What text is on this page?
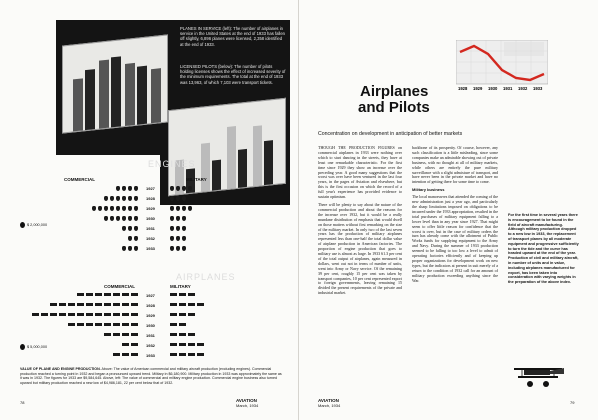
PLANES IN SERVICE (left): The number of airplanes in service in the United States at the end of 1933 has fallen off slightly, 6,896 planes were licensed, 2,358 identified at the end of 1933.
LICENSED PILOTS (below): The number of pilots holding licenses shows the effect of increased severity of the minimum requirements. The total at the end of 1933 was 13,963, of which 7,103 were transport tickets.
ENGINES
COMMERCIAL	MILITARY
1927
1928
1929
1930
1931
1932
1933
$ 2,000,000
AIRPLANES
COMMERCIAL	MILITARY
1927
1928
1929
1930
1931
1932
1933
$ 5,000,000
VALUE OF PLANE AND ENGINE PRODUCTION. Above: The value of American commercial and military aircraft production (excluding engines). Commercial production reached a turning point in 1932 and began a pronounced upward trend. Military in $6,180,900. Military production in 1933 was approximately the same as it was in 1932. The figures for 1933 are $9,584,645. Above, left: The value of commercial and military engine production. Commercial engine business also turned upward but military production reached a new low of $4,986,181, 22 per cent below that of 1932.
78	AVIATION
March, 1934
1928 1929 1930 1931 1932 1933
Airplanes
and Pilots
Concentration on development in anticipation of better markets

THOUGH THE PRODUCTION FIGURES on commercial airplanes in 1933 were nothing over which to start dancing in the streets, they have at least one remarkable characteristic. For the first time since 1929 they show an increase over the preceding year. A good many suggestions that the worst was over have been ventured in the last four years, in the pages of Aviation and elsewhere, but this is the first occasion on which the record of a full year's experience has provided evidence to sustain optimism.

There will be plenty to say about the nature of the commercial production and about the reasons for the increase over 1932, but it would be a really mundane distribution of emphasis that would dwell on those matters without first remarking on the size of the military market. In only two of the last seven years has the production of military airplanes represented less than one-half the total dollar value of airplane production in American factories. The proportion of engine production that goes to military use is almost as large. In 1933 61.3 per cent of the total output of airplanes, again measured in dollars, went out not in terms of number of units, went into Army or Navy service. Of the remaining 39 per cent, roughly 15 per cent was taken by transport companies, 10 per cent represented export to foreign governments, leaving remaining 15 divided the present requirements of the private and industrial market.

backbone of its prosperity. Of course, however, any such classification is a little misleading, since some companies make an admirable showing out of private business, with no thought at all of military markets, while others are entirely the pure military surveillance with a slight admixture of transport, and have never been in the private market and have no intention of getting there for some time to come.

Military business

The local manoeuvres that attended the coming of the new administration just a year ago, and particularly the sharp limitations imposed on obligations to be incurred under the 1933 appropriation, resulted in the total purchases of military equipment falling to a lower level than in any year since 1927. That might seem to offer little reason for confidence that the worst is over, but in the case of military orders the turn has already come with the allotment of Public Works funds for supplying equipment to the Army and Navy. During the summer of 1933 production seemed to be falling to too low a level to admit of operating factories efficiently and of keeping up proper organizations for development work on new types, but the indicators at present in suit merely of a return to the condition of 1932 call for an amount of military production exceeding anything since the War.

For the first time in several years there is encouragement to be found in the field of aircraft manufacturing. Although military production dropped to a new low in 1933, the replacement of transport planes by all moderate equipment and progressive sufficiently to turn the tide and the curve has headed upward at the end of the year. Production of civil and military aircraft, in number of units and in value, including airplanes manufactured for export, has been taken into consideration with varying weights in the preparation of the above index.
AVIATION
March, 1934
79
